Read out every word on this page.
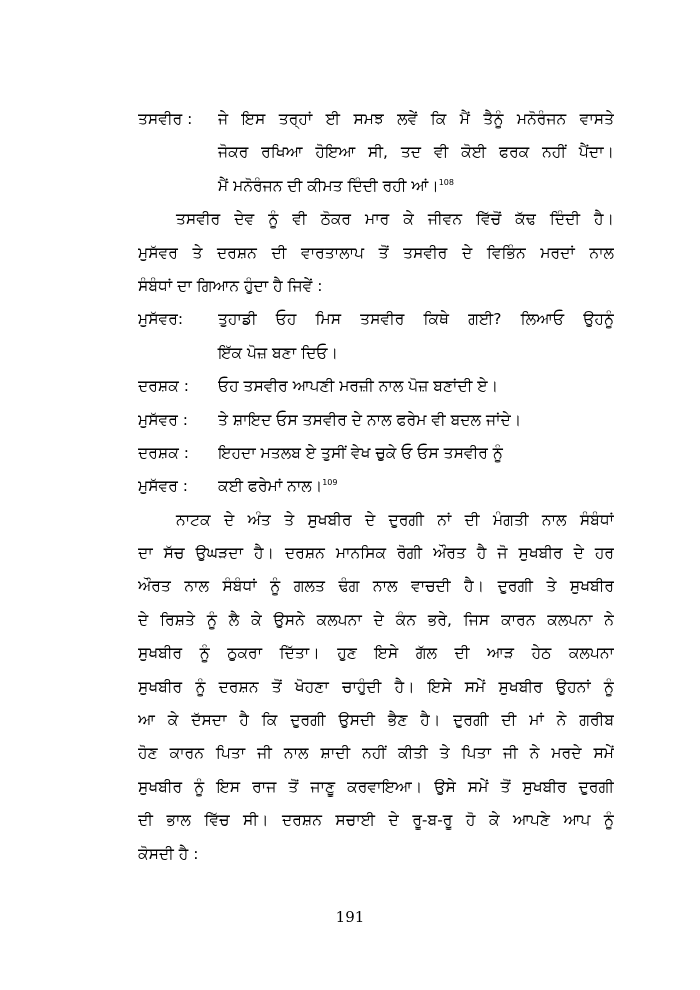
ਤਸਵੀਰ :	ਜੇ ਇਸ ਤਰ੍ਹਾਂ ਈ ਸਮਝ ਲਵੇਂ ਕਿ ਮੈਂ ਤੈਨੂੰ ਮਨੋਰੰਜਨ ਵਾਸਤੇ
ਜੋਕਰ ਰਖਿਆ ਹੋਇਆ ਸੀ, ਤਦ ਵੀ ਕੋਈ ਫਰਕ ਨਹੀਂ ਪੈਂਦਾ।
ਮੈਂ ਮਨੋਰੰਜਨ ਦੀ ਕੀਮਤ ਦਿੰਦੀ ਰਹੀ ਆਂ।$^{108}$
ਤਸਵੀਰ ਦੇਵ ਨੂੰ ਵੀ ਠੋਕਰ ਮਾਰ ਕੇ ਜੀਵਨ ਵਿੱਚੋਂ ਕੱਢ ਦਿੰਦੀ ਹੈ।
ਮੁਸੱਵਰ ਤੇ ਦਰਸ਼ਨ ਦੀ ਵਾਰਤਾਲਾਪ ਤੋਂ ਤਸਵੀਰ ਦੇ ਵਿਭਿੰਨ ਮਰਦਾਂ ਨਾਲ
ਸੰਬੰਧਾਂ ਦਾ ਗਿਆਨ ਹੁੰਦਾ ਹੈ ਜਿਵੇਂ :
ਮੁਸੱਵਰ:	ਤੁਹਾਡੀ ਓਹ ਮਿਸ ਤਸਵੀਰ ਕਿਥੇ ਗਈ? ਲਿਆਓ ਉਹਨੂੰ
ਇੱਕ ਪੋਜ਼ ਬਣਾ ਦਿਓ।
ਦਰਸ਼ਕ :	ਓਹ ਤਸਵੀਰ ਆਪਣੀ ਮਰਜ਼ੀ ਨਾਲ ਪੋਜ਼ ਬਣਾਂਦੀ ਏ।
ਮੁਸੱਵਰ :	ਤੇ ਸ਼ਾਇਦ ਓਸ ਤਸਵੀਰ ਦੇ ਨਾਲ ਫਰੇਮ ਵੀ ਬਦਲ ਜਾਂਦੇ।
ਦਰਸ਼ਕ :	ਇਹਦਾ ਮਤਲਬ ਏ ਤੁਸੀਂ ਵੇਖ ਚੁਕੇ ਓ ਓਸ ਤਸਵੀਰ ਨੂੰ
ਮੁਸੱਵਰ :	ਕਈ ਫਰੇਮਾਂ ਨਾਲ।$^{109}$
ਨਾਟਕ ਦੇ ਅੰਤ ਤੇ ਸੁਖਬੀਰ ਦੇ ਦੁਰਗੀ ਨਾਂ ਦੀ ਮੰਗਤੀ ਨਾਲ ਸੰਬੰਧਾਂ
ਦਾ ਸੱਚ ਉਘੜਦਾ ਹੈ। ਦਰਸ਼ਨ ਮਾਨਸਿਕ ਰੋਗੀ ਔਰਤ ਹੈ ਜੋ ਸੁਖਬੀਰ ਦੇ ਹਰ
ਔਰਤ ਨਾਲ ਸੰਬੰਧਾਂ ਨੂੰ ਗਲਤ ਢੰਗ ਨਾਲ ਵਾਚਦੀ ਹੈ। ਦੁਰਗੀ ਤੇ ਸੁਖਬੀਰ
ਦੇ ਰਿਸ਼ਤੇ ਨੂੰ ਲੈ ਕੇ ਉਸਨੇ ਕਲਪਨਾ ਦੇ ਕੰਨ ਭਰੇ, ਜਿਸ ਕਾਰਨ ਕਲਪਨਾ ਨੇ
ਸੁਖਬੀਰ ਨੂੰ ਠੁਕਰਾ ਦਿੱਤਾ। ਹੁਣ ਇਸੇ ਗੱਲ ਦੀ ਆੜ ਹੇਠ ਕਲਪਨਾ
ਸੁਖਬੀਰ ਨੂੰ ਦਰਸ਼ਨ ਤੋਂ ਖੋਹਣਾ ਚਾਹੁੰਦੀ ਹੈ। ਇਸੇ ਸਮੇਂ ਸੁਖਬੀਰ ਉਹਨਾਂ ਨੂੰ
ਆ ਕੇ ਦੱਸਦਾ ਹੈ ਕਿ ਦੁਰਗੀ ਉਸਦੀ ਭੈਣ ਹੈ। ਦੁਰਗੀ ਦੀ ਮਾਂ ਨੇ ਗਰੀਬ
ਹੋਣ ਕਾਰਨ ਪਿਤਾ ਜੀ ਨਾਲ ਸ਼ਾਦੀ ਨਹੀਂ ਕੀਤੀ ਤੇ ਪਿਤਾ ਜੀ ਨੇ ਮਰਦੇ ਸਮੇਂ
ਸੁਖਬੀਰ ਨੂੰ ਇਸ ਰਾਜ ਤੋਂ ਜਾਣੂ ਕਰਵਾਇਆ। ਉਸੇ ਸਮੇਂ ਤੋਂ ਸੁਖਬੀਰ ਦੁਰਗੀ
ਦੀ ਭਾਲ ਵਿੱਚ ਸੀ। ਦਰਸ਼ਨ ਸਚਾਈ ਦੇ ਰੂ-ਬ-ਰੂ ਹੋ ਕੇ ਆਪਣੇ ਆਪ ਨੂੰ
ਕੋਸਦੀ ਹੈ :
191
